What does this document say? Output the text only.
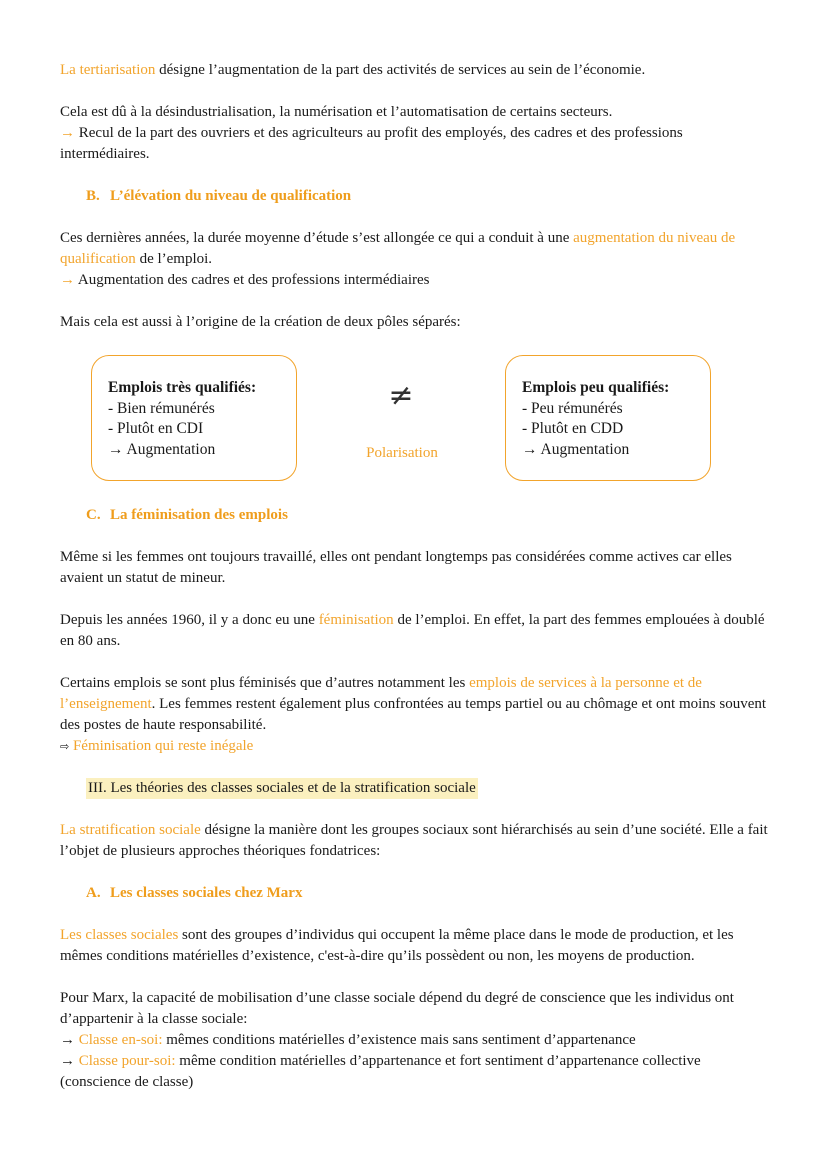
La tertiarisation désigne l’augmentation de la part des activités de services au sein de l’économie.

Cela est dû à la désindustrialisation, la numérisation et l’automatisation de certains secteurs.
→ Recul de la part des ouvriers et des agriculteurs au profit des employés, des cadres et des professions intermédiaires.

B. L’élévation du niveau de qualification

Ces dernières années, la durée moyenne d’étude s’est allongée ce qui a conduit à une augmentation du niveau de qualification de l’emploi.
→ Augmentation des cadres et des professions intermédiaires

Mais cela est aussi à l’origine de la création de deux pôles séparés:

Emplois très qualifiés:
- Bien rémunérés
- Plutôt en CDI
→ Augmentation
≠
Polarisation
Emplois peu qualifiés:
- Peu rémunérés
- Plutôt en CDD
→ Augmentation

C. La féminisation des emplois

Même si les femmes ont toujours travaillé, elles ont pendant longtemps pas considérées comme actives car elles avaient un statut de mineur.

Depuis les années 1960, il y a donc eu une féminisation de l’emploi. En effet, la part des femmes emplouées à doublé en 80 ans.

Certains emplois se sont plus féminisés que d’autres notamment les emplois de services à la personne et de l’enseignement. Les femmes restent également plus confrontées au temps partiel ou au chômage et ont moins souvent des postes de haute responsabilité.
⇨ Féminisation qui reste inégale

III. Les théories des classes sociales et de la stratification sociale

La stratification sociale désigne la manière dont les groupes sociaux sont hiérarchisés au sein d’une société. Elle a fait l’objet de plusieurs approches théoriques fondatrices:

A. Les classes sociales chez Marx

Les classes sociales sont des groupes d’individus qui occupent la même place dans le mode de production, et les mêmes conditions matérielles d’existence, c'est-à-dire qu’ils possèdent ou non, les moyens de production.

Pour Marx, la capacité de mobilisation d’une classe sociale dépend du degré de conscience que les individus ont d’appartenir à la classe sociale:
→ Classe en-soi: mêmes conditions matérielles d’existence mais sans sentiment d’appartenance
→ Classe pour-soi: même condition matérielles d’appartenance et fort sentiment d’appartenance collective (conscience de classe)
